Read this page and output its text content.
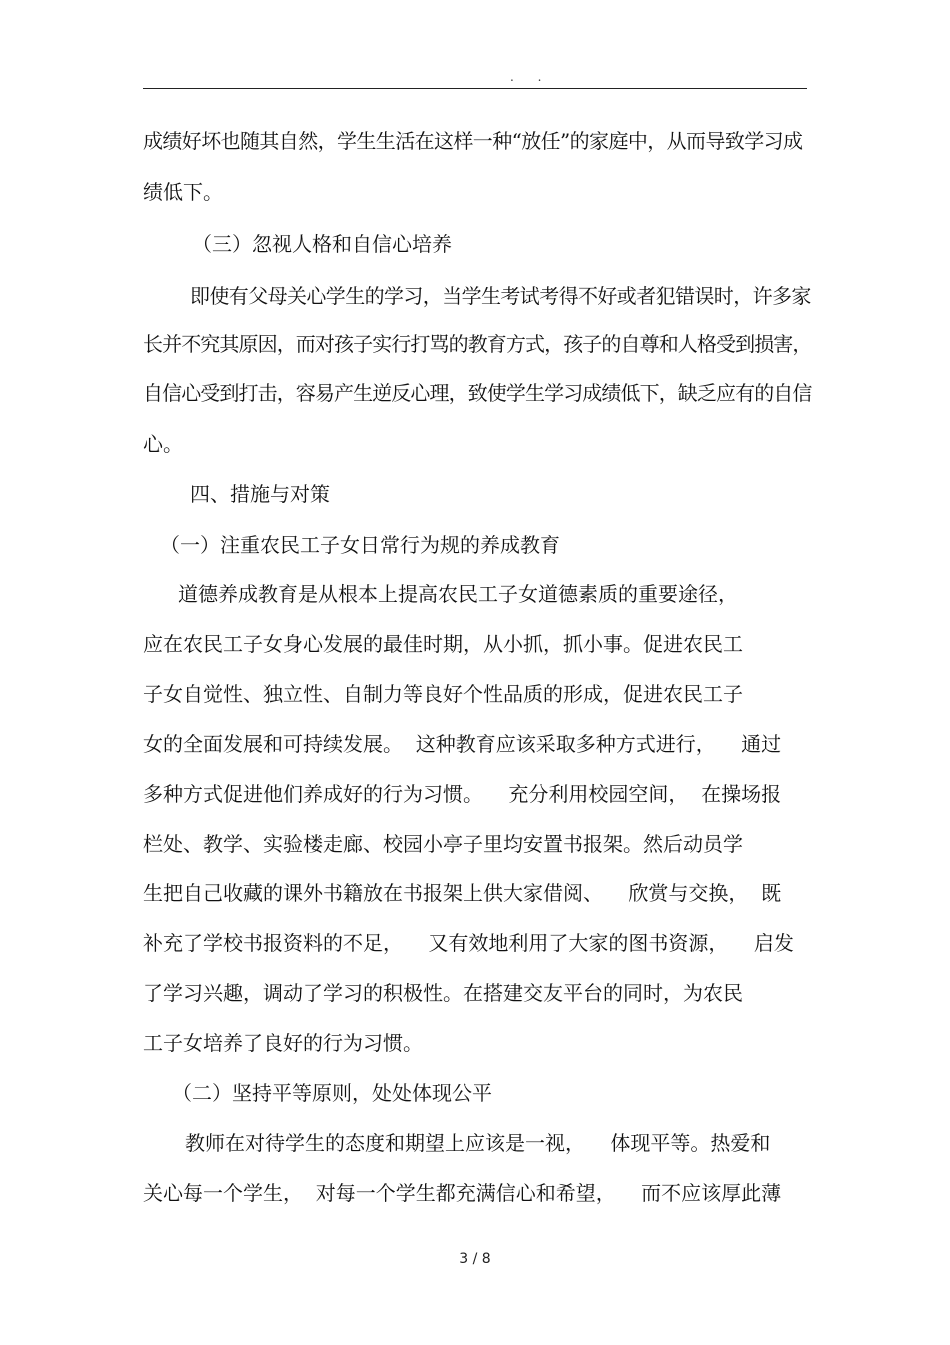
. .
成绩好坏也随其自然，学生生活在这样一种“放任”的家庭中，从而导致学习成
绩低下。
（三）忽视人格和自信心培养
即使有父母关心学生的学习，当学生考试考得不好或者犯错误时，许多家
长并不究其原因，而对孩子实行打骂的教育方式，孩子的自尊和人格受到损害，
自信心受到打击，容易产生逆反心理，致使学生学习成绩低下，缺乏应有的自信
心。
四、措施与对策
（一）注重农民工子女日常行为规的养成教育
道德养成教育是从根本上提高农民工子女道德素质的重要途径，
应在农民工子女身心发展的最佳时期，从小抓，抓小事。促进农民工
子女自觉性、独立性、自制力等良好个性品质的形成，促进农民工子
女的全面发展和可持续发展。  这种教育应该采取多种方式进行，    通过
多种方式促进他们养成好的行为习惯。    充分利用校园空间，  在操场报
栏处、教学、实验楼走廊、校园小亭子里均安置书报架。然后动员学
生把自己收藏的课外书籍放在书报架上供大家借阅、    欣赏与交换，  既
补充了学校书报资料的不足，    又有效地利用了大家的图书资源，    启发
了学习兴趣，调动了学习的积极性。在搭建交友平台的同时，为农民
工子女培养了良好的行为习惯。
（二）坚持平等原则，处处体现公平
教师在对待学生的态度和期望上应该是一视，    体现平等。热爱和
关心每一个学生，  对每一个学生都充满信心和希望，    而不应该厚此薄
3 / 8
